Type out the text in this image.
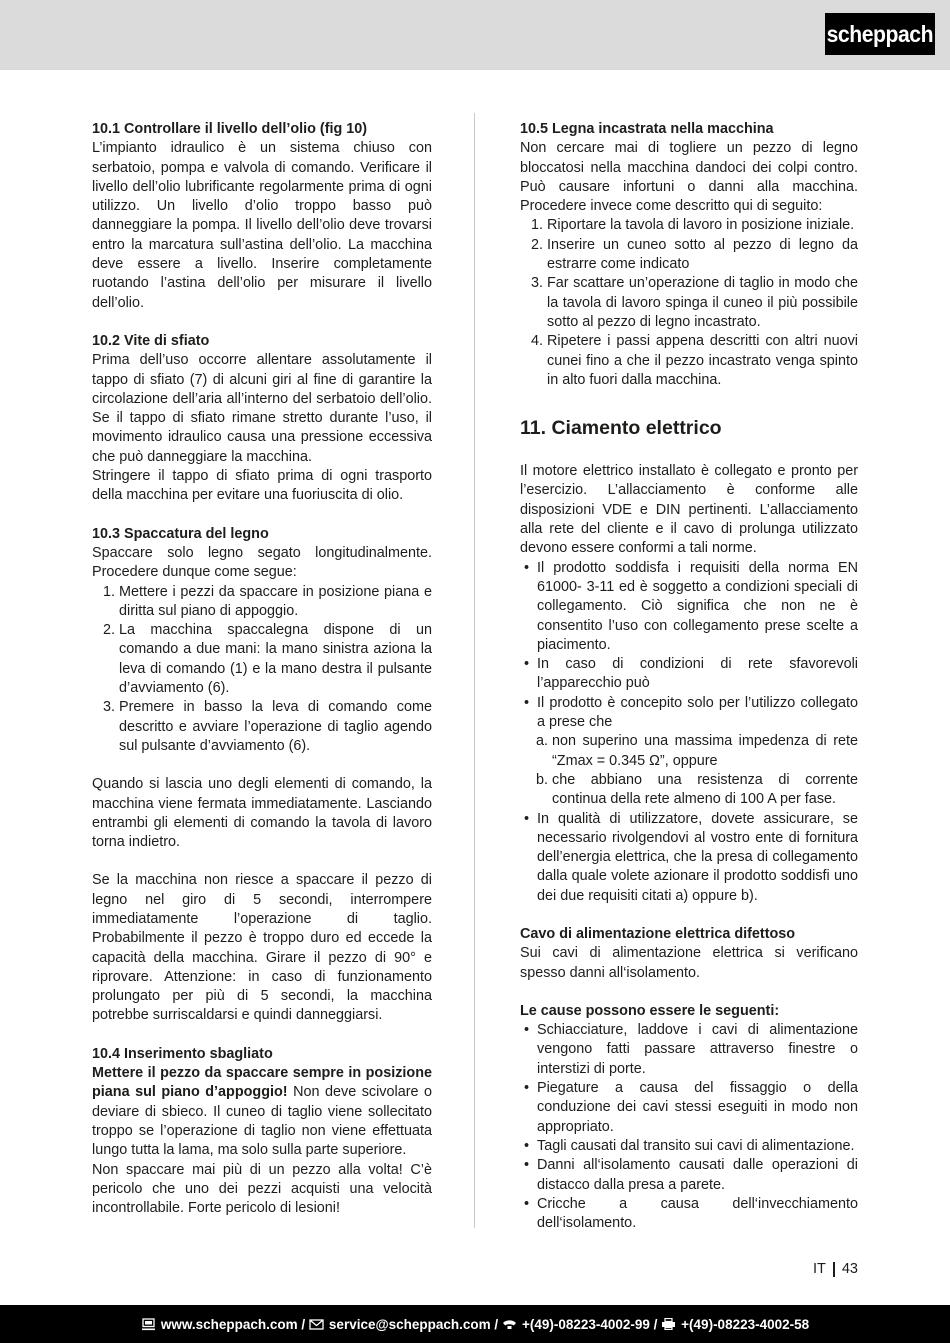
scheppach
10.1 Controllare il livello dell’olio (fig 10)

L’impianto idraulico è un sistema chiuso con serbatoio, pompa e valvola di comando. Verificare il livello dell’olio lubrificante regolarmente prima di ogni utilizzo. Un livello d’olio troppo basso può danneggiare la pompa. Il livello dell’olio deve trovarsi entro la marcatura sull’astina dell’olio. La macchina deve essere a livello. Inserire completamente ruotando l’astina dell’olio per misurare il livello dell’olio.

10.2 Vite di sfiato

Prima dell’uso occorre allentare assolutamente il tappo di sfiato (7) di alcuni giri al fine di garantire la circolazione dell’aria all’interno del serbatoio dell’olio. Se il tappo di sfiato rimane stretto durante l’uso, il movimento idraulico causa una pressione eccessiva che può danneggiare la macchina.

Stringere il tappo di sfiato prima di ogni trasporto della macchina per evitare una fuoriuscita di olio.

10.3 Spaccatura del legno

Spaccare solo legno segato longitudinalmente. Procedere dunque come segue:

1. Mettere i pezzi da spaccare in posizione piana e diritta sul piano di appoggio.
2. La macchina spaccalegna dispone di un comando a due mani: la mano sinistra aziona la leva di comando (1) e la mano destra il pulsante d’avviamento (6).
3. Premere in basso la leva di comando come descritto e avviare l’operazione di taglio agendo sul pulsante d’avviamento (6).

Quando si lascia uno degli elementi di comando, la macchina viene fermata immediatamente. Lasciando entrambi gli elementi di comando la tavola di lavoro torna indietro.

Se la macchina non riesce a spaccare il pezzo di legno nel giro di 5 secondi, interrompere immediatamente l’operazione di taglio. Probabilmente il pezzo è troppo duro ed eccede la capacità della macchina. Girare il pezzo di 90° e riprovare. Attenzione: in caso di funzionamento prolungato per più di 5 secondi, la macchina potrebbe surriscaldarsi e quindi danneggiarsi.

10.4 Inserimento sbagliato

Mettere il pezzo da spaccare sempre in posizione piana sul piano d’appoggio! Non deve scivolare o deviare di sbieco. Il cuneo di taglio viene sollecitato troppo se l’operazione di taglio non viene effettuata lungo tutta la lama, ma solo sulla parte superiore.

Non spaccare mai più di un pezzo alla volta! C’è pericolo che uno dei pezzi acquisti una velocità incontrollabile. Forte pericolo di lesioni!

10.5 Legna incastrata nella macchina

Non cercare mai di togliere un pezzo di legno bloccatosi nella macchina dandoci dei colpi contro. Può causare infortuni o danni alla macchina. Procedere invece come descritto qui di seguito:

1. Riportare la tavola di lavoro in posizione iniziale.
2. Inserire un cuneo sotto al pezzo di legno da estrarre come indicato
3. Far scattare un’operazione di taglio in modo che la tavola di lavoro spinga il cuneo il più possibile sotto al pezzo di legno incastrato.
4. Ripetere i passi appena descritti con altri nuovi cunei fino a che il pezzo incastrato venga spinto in alto fuori dalla macchina.
11. Ciamento elettrico

Il motore elettrico installato è collegato e pronto per l’esercizio. L’allacciamento è conforme alle disposizioni VDE e DIN pertinenti. L’allacciamento alla rete del cliente e il cavo di prolunga utilizzato devono essere conformi a tali norme.

• Il prodotto soddisfa i requisiti della norma EN 61000- 3-11 ed è soggetto a condizioni speciali di collegamento. Ciò significa che non ne è consentito l’uso con collegamento prese scelte a piacimento.
• In caso di condizioni di rete sfavorevoli l’apparecchio può
• Il prodotto è concepito solo per l’utilizzo collegato a prese che
a. non superino una massima impedenza di rete “Zmax = 0.345 Ω”, oppure
b. che abbiano una resistenza di corrente continua della rete almeno di 100 A per fase.
• In qualità di utilizzatore, dovete assicurare, se necessario rivolgendovi al vostro ente di fornitura dell’energia elettrica, che la presa di collegamento dalla quale volete azionare il prodotto soddisfi uno dei due requisiti citati a) oppure b).
Cavo di alimentazione elettrica difettoso

Sui cavi di alimentazione elettrica si verificano spesso danni all‘isolamento.

Le cause possono essere le seguenti:
• Schiacciature, laddove i cavi di alimentazione vengono fatti passare attraverso finestre o interstizi di porte.
• Piegature a causa del fissaggio o della conduzione dei cavi stessi eseguiti in modo non appropriato.
• Tagli causati dal transito sui cavi di alimentazione.
• Danni all‘isolamento causati dalle operazioni di distacco dalla presa a parete.
• Cricche a causa dell‘invecchiamento dell‘isolamento.
IT 43
www.scheppach.com / service@scheppach.com / +(49)-08223-4002-99 / +(49)-08223-4002-58
